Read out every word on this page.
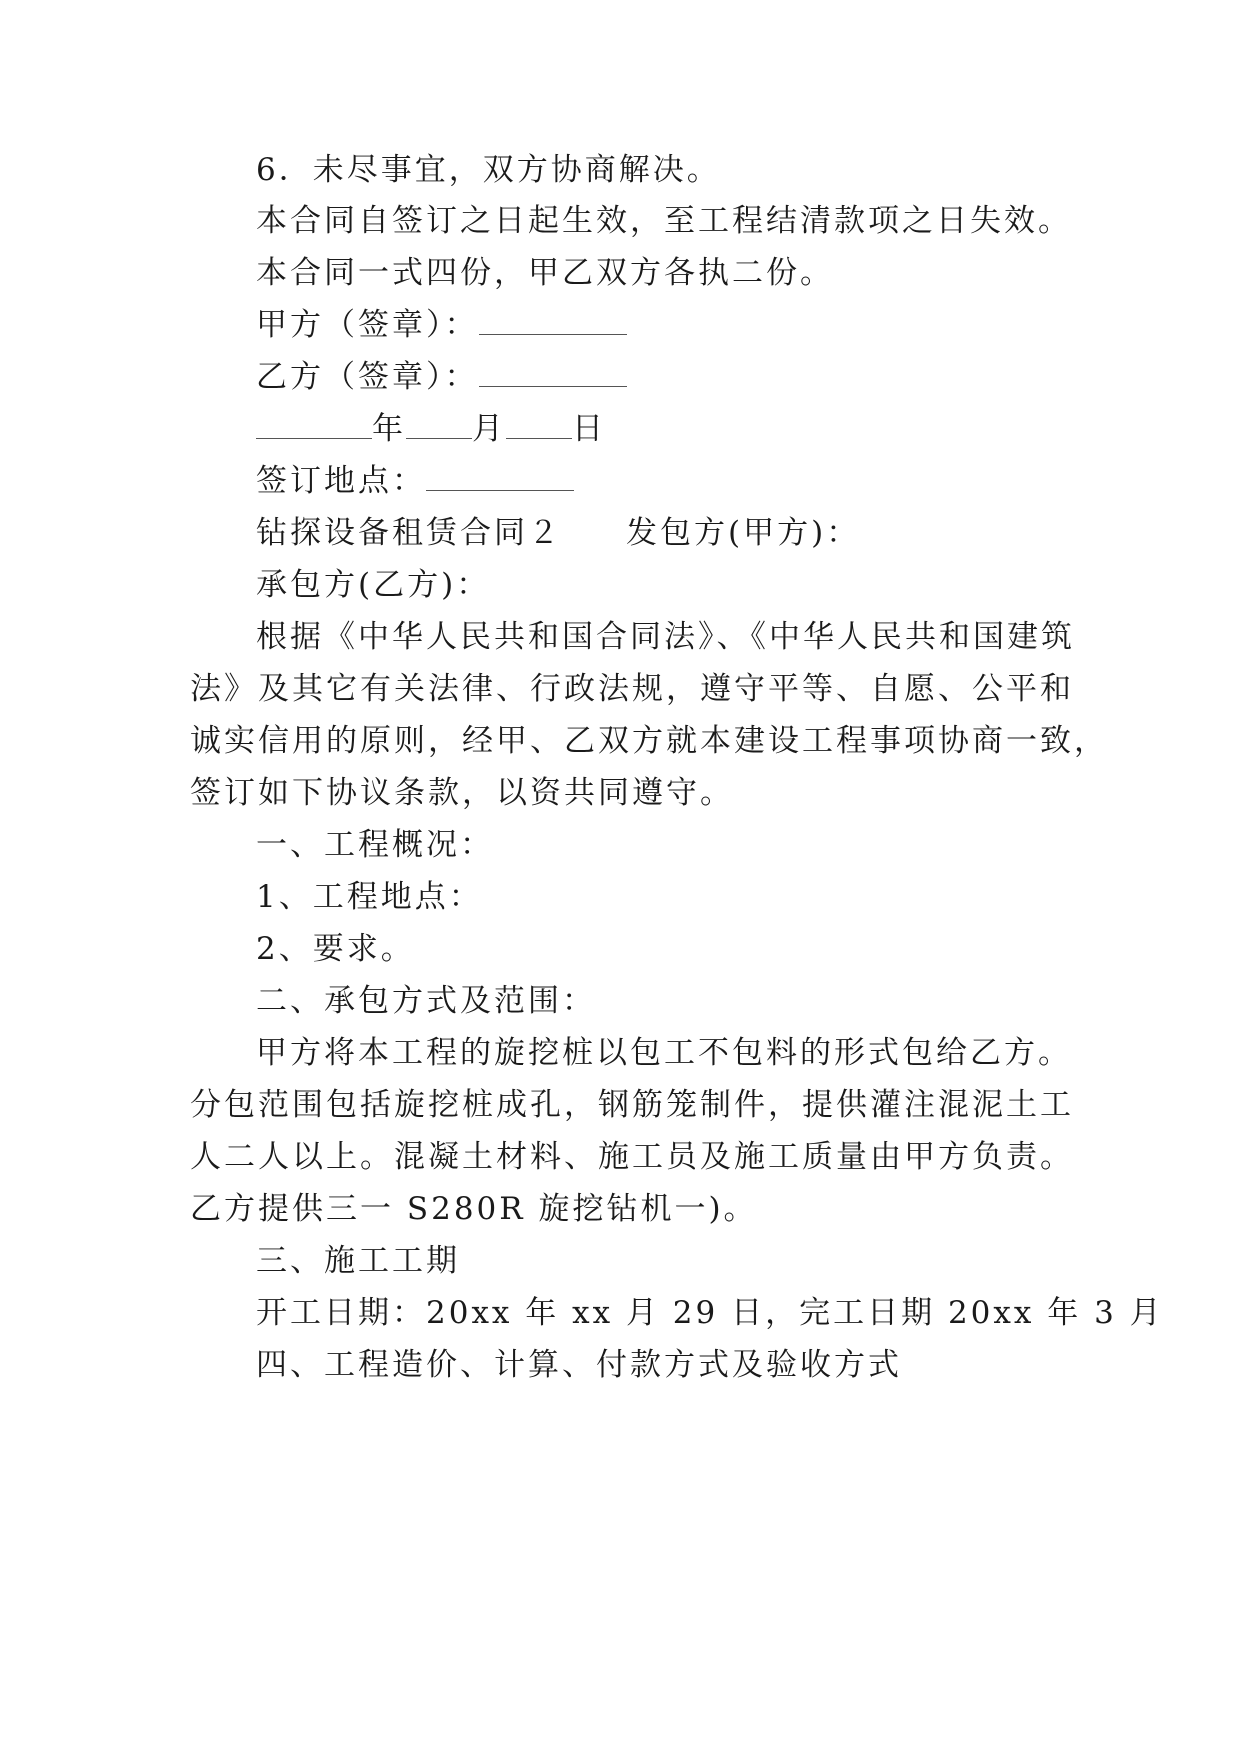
6．未尽事宜，双方协商解决。
本合同自签订之日起生效，至工程结清款项之日失效。
本合同一式四份，甲乙双方各执二份。
甲方（签章）：
乙方（签章）：
年 月 日
签订地点：
钻探设备租赁合同２ 发包方(甲方)：
承包方(乙方)：
根据《中华人民共和国合同法》、《中华人民共和国建筑
法》及其它有关法律、行政法规，遵守平等、自愿、公平和
诚实信用的原则，经甲、乙双方就本建设工程事项协商一致，
签订如下协议条款，以资共同遵守。
一、工程概况：
1、工程地点：
2、要求。
二、承包方式及范围：
甲方将本工程的旋挖桩以包工不包料的形式包给乙方。
分包范围包括旋挖桩成孔，钢筋笼制件，提供灌注混泥土工
人二人以上。混凝土材料、施工员及施工质量由甲方负责。
乙方提供三一 S280R 旋挖钻机一)。
三、施工工期
开工日期：20xx 年 xx 月 29 日，完工日期 20xx 年 3 月
四、工程造价、计算、付款方式及验收方式
